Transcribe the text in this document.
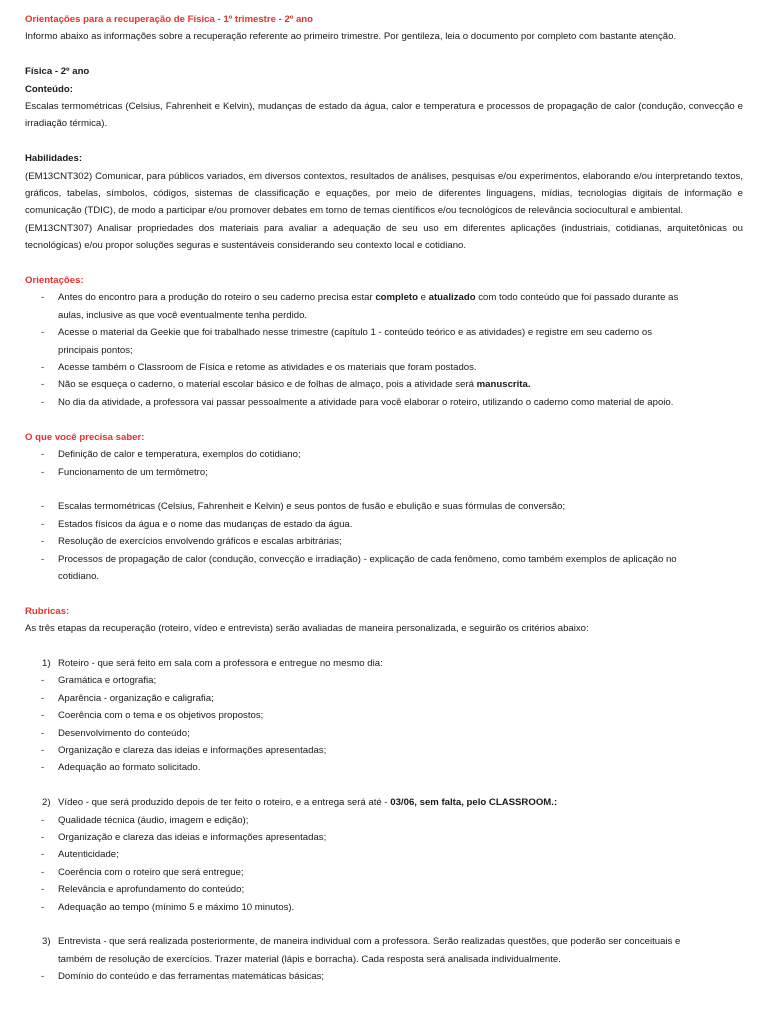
Orientações para a recuperação de Física - 1º trimestre - 2º ano

Informo abaixo as informações sobre a recuperação referente ao primeiro trimestre. Por gentileza, leia o documento por completo com bastante atenção.

Física - 2º ano

Conteúdo:

Escalas termométricas (Celsius, Fahrenheit e Kelvin), mudanças de estado da água, calor e temperatura e processos de propagação de calor (condução, convecção e irradiação térmica).

Habilidades:

(EM13CNT302) Comunicar, para públicos variados, em diversos contextos, resultados de análises, pesquisas e/ou experimentos, elaborando e/ou interpretando textos, gráficos, tabelas, símbolos, códigos, sistemas de classificação e equações, por meio de diferentes linguagens, mídias, tecnologias digitais de informação e comunicação (TDIC), de modo a participar e/ou promover debates em torno de temas científicos e/ou tecnológicos de relevância sociocultural e ambiental.

(EM13CNT307) Analisar propriedades dos materiais para avaliar a adequação de seu uso em diferentes aplicações (industriais, cotidianas, arquitetônicas ou tecnológicas) e/ou propor soluções seguras e sustentáveis considerando seu contexto local e cotidiano.

Orientações:

- Antes do encontro para a produção do roteiro o seu caderno precisa estar completo e atualizado com todo conteúdo que foi passado durante as aulas, inclusive as que você eventualmente tenha perdido.
- Acesse o material da Geekie que foi trabalhado nesse trimestre (capítulo 1 - conteúdo teórico e as atividades) e registre em seu caderno os principais pontos;
- Acesse também o Classroom de Física e retome as atividades e os materiais que foram postados.
- Não se esqueça o caderno, o material escolar básico e de folhas de almaço, pois a atividade será manuscrita.
- No dia da atividade, a professora vai passar pessoalmente a atividade para você elaborar o roteiro, utilizando o caderno como material de apoio.

O que você precisa saber:

- Definição de calor e temperatura, exemplos do cotidiano;
- Funcionamento de um termômetro;
- Escalas termométricas (Celsius, Fahrenheit e Kelvin) e seus pontos de fusão e ebulição e suas fórmulas de conversão;
- Estados físicos da água e o nome das mudanças de estado da água.
- Resolução de exercícios envolvendo gráficos e escalas arbitrárias;
- Processos de propagação de calor (condução, convecção e irradiação) - explicação de cada fenômeno, como também exemplos de aplicação no cotidiano.

Rubricas:

As três etapas da recuperação (roteiro, vídeo e entrevista) serão avaliadas de maneira personalizada, e seguirão os critérios abaixo:

1) Roteiro - que será feito em sala com a professora e entregue no mesmo dia:
- Gramática e ortografia;
- Aparência - organização e caligrafia;
- Coerência com o tema e os objetivos propostos;
- Desenvolvimento do conteúdo;
- Organização e clareza das ideias e informações apresentadas;
- Adequação ao formato solicitado.
2) Vídeo - que será produzido depois de ter feito o roteiro, e a entrega será até - 03/06, sem falta, pelo CLASSROOM.:
- Qualidade técnica (áudio, imagem e edição);
- Organização e clareza das ideias e informações apresentadas;
- Autenticidade;
- Coerência com o roteiro que será entregue;
- Relevância e aprofundamento do conteúdo;
- Adequação ao tempo (mínimo 5 e máximo 10 minutos).
3) Entrevista - que será realizada posteriormente, de maneira individual com a professora. Serão realizadas questões, que poderão ser conceituais e também de resolução de exercícios. Trazer material (lápis e borracha). Cada resposta será analisada individualmente.
- Domínio do conteúdo e das ferramentas matemáticas básicas;
